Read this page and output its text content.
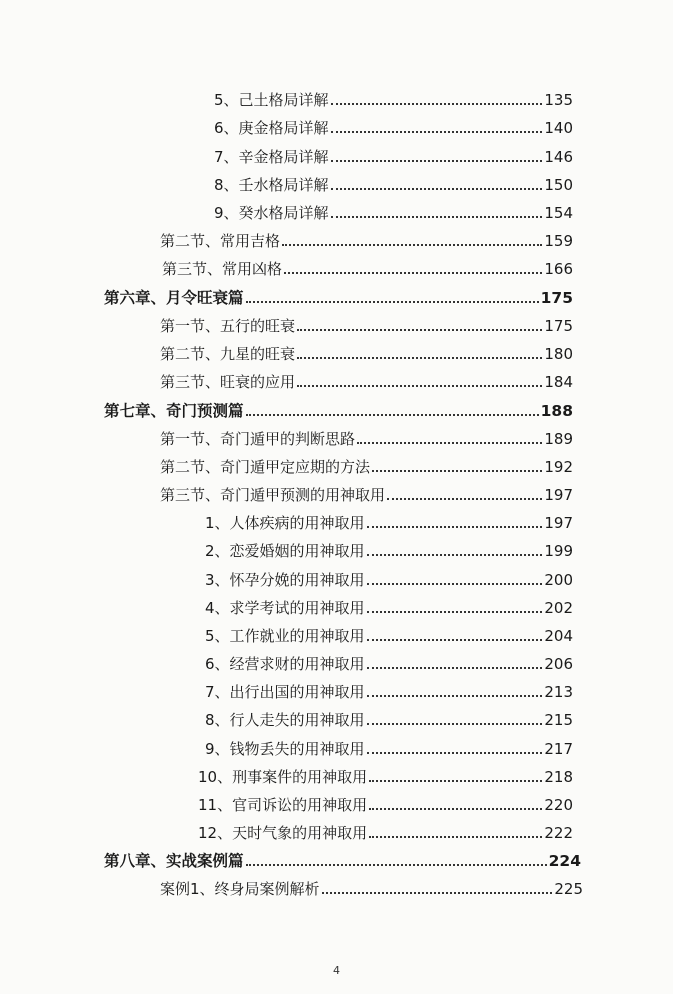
5、己土格局详解	135
6、庚金格局详解	140
7、辛金格局详解	146
8、壬水格局详解	150
9、癸水格局详解	154
第二节、常用吉格	159
第三节、常用凶格	166
第六章、月令旺衰篇	175
第一节、五行的旺衰	175
第二节、九星的旺衰	180
第三节、旺衰的应用	184
第七章、奇门预测篇	188
第一节、奇门遁甲的判断思路	189
第二节、奇门遁甲定应期的方法	192
第三节、奇门遁甲预测的用神取用	197
1、人体疾病的用神取用	197
2、恋爱婚姻的用神取用	199
3、怀孕分娩的用神取用	200
4、求学考试的用神取用	202
5、工作就业的用神取用	204
6、经营求财的用神取用	206
7、出行出国的用神取用	213
8、行人走失的用神取用	215
9、钱物丢失的用神取用	217
10、刑事案件的用神取用	218
11、官司诉讼的用神取用	220
12、天时气象的用神取用	222
第八章、实战案例篇	224
案例1、终身局案例解析	225
4
